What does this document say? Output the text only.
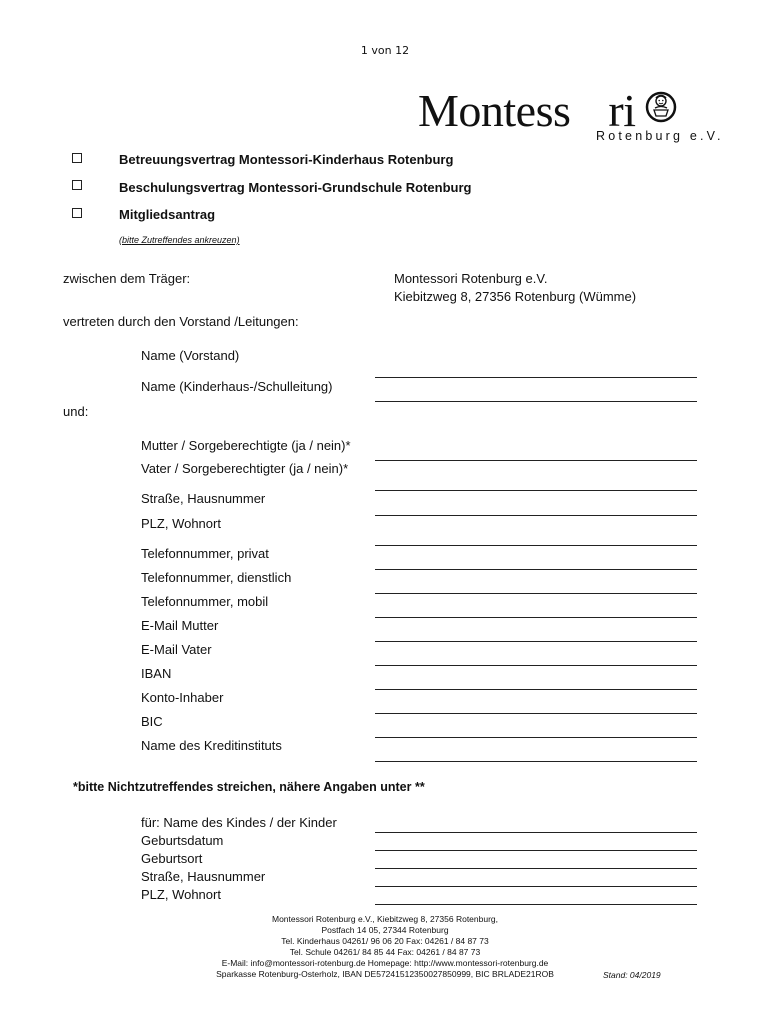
1 von 12
Montess ri
Rotenburg e.V.
Betreuungsvertrag Montessori-Kinderhaus Rotenburg
Beschulungsvertrag Montessori-Grundschule Rotenburg
Mitgliedsantrag
(bitte Zutreffendes ankreuzen)
zwischen dem Träger:	Montessori Rotenburg e.V.
Kiebitzweg 8, 27356 Rotenburg (Wümme)
vertreten durch den Vorstand /Leitungen:
Name (Vorstand)
Name (Kinderhaus-/Schulleitung)
und:
Mutter / Sorgeberechtigte (ja / nein)*
Vater / Sorgeberechtigter (ja / nein)*
Straße, Hausnummer
PLZ, Wohnort
Telefonnummer, privat
Telefonnummer, dienstlich
Telefonnummer, mobil
E-Mail Mutter
E-Mail Vater
IBAN
Konto-Inhaber
BIC
Name des Kreditinstituts
*bitte Nichtzutreffendes streichen, nähere Angaben unter **
für: Name des Kindes / der Kinder
Geburtsdatum
Geburtsort
Straße, Hausnummer
PLZ, Wohnort
Montessori Rotenburg e.V., Kiebitzweg 8, 27356 Rotenburg,
Postfach 14 05, 27344 Rotenburg
Tel. Kinderhaus 04261/ 96 06 20 Fax: 04261 / 84 87 73
Tel. Schule 04261/ 84 85 44 Fax: 04261 / 84 87 73
E-Mail: info@montessori-rotenburg.de Homepage: http://www.montessori-rotenburg.de
Sparkasse Rotenburg-Osterholz, IBAN DE57241512350027850999, BIC BRLADE21ROB	Stand: 04/2019
